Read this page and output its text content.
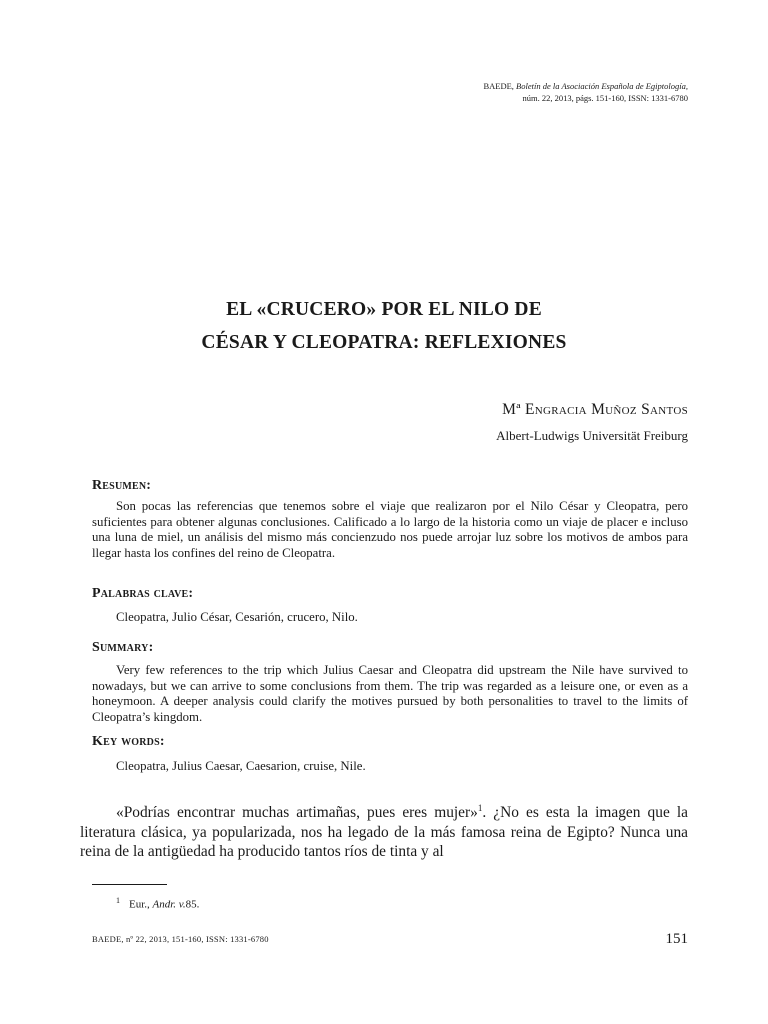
BAEDE, Boletín de la Asociación Española de Egiptología,
núm. 22, 2013, págs. 151-160, ISSN: 1331-6780
EL «CRUCERO» POR EL NILO DE
CÉSAR Y CLEOPATRA: REFLEXIONES
Mª Engracia Muñoz Santos
Albert-Ludwigs Universität Freiburg
Resumen:

Son pocas las referencias que tenemos sobre el viaje que realizaron por el Nilo César y Cleopatra, pero suficientes para obtener algunas conclusiones. Calificado a lo largo de la historia como un viaje de placer e incluso una luna de miel, un análisis del mismo más concienzudo nos puede arrojar luz sobre los motivos de ambos para llegar hasta los confines del reino de Cleopatra.

Palabras clave:
Cleopatra, Julio César, Cesarión, crucero, Nilo.
Summary:

Very few references to the trip which Julius Caesar and Cleopatra did upstream the Nile have survived to nowadays, but we can arrive to some conclusions from them. The trip was regarded as a leisure one, or even as a honeymoon. A deeper analysis could clarify the motives pursued by both personalities to travel to the limits of Cleopatra’s kingdom.

Key words:
Cleopatra, Julius Caesar, Caesarion, cruise, Nile.

«Podrías encontrar muchas artimañas, pues eres mujer»$^1$. ¿No es esta la imagen que la literatura clásica, ya popularizada, nos ha legado de la más famosa reina de Egipto? Nunca una reina de la antigüedad ha producido tantos ríos de tinta y al

$^1$ Eur., Andr. v.85.
BAEDE, nº 22, 2013, 151-160, ISSN: 1331-6780	151
